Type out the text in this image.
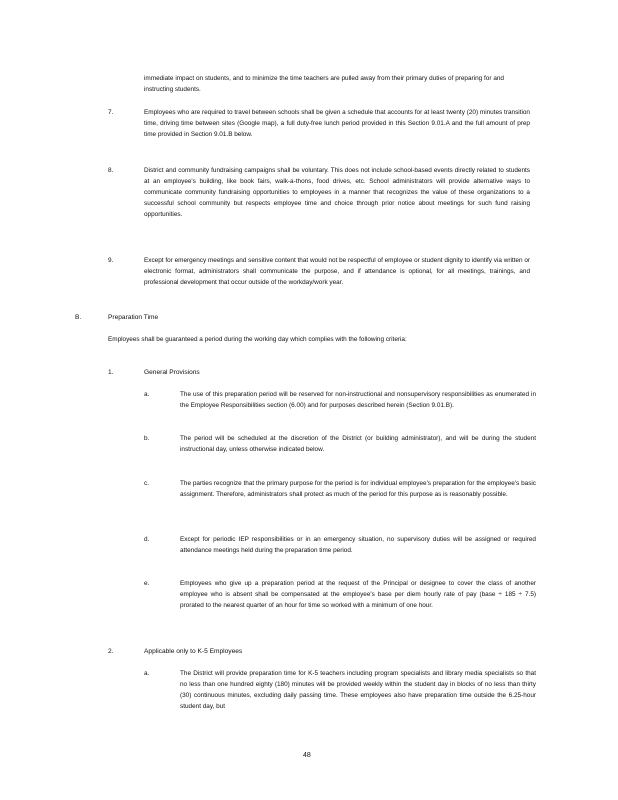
immediate impact on students, and to minimize the time teachers are pulled away from their primary duties of preparing for and instructing students.
7.	Employees who are required to travel between schools shall be given a schedule that accounts for at least twenty (20) minutes transition time, driving time between sites (Google map), a full duty-free lunch period provided in this Section 9.01.A and the full amount of prep time provided in Section 9.01.B below.
8.	District and community fundraising campaigns shall be voluntary. This does not include school-based events directly related to students at an employee's building, like book fairs, walk-a-thons, food drives, etc. School administrators will provide alternative ways to communicate community fundraising opportunities to employees in a manner that recognizes the value of these organizations to a successful school community but respects employee time and choice through prior notice about meetings for such fund raising opportunities.
9.	Except for emergency meetings and sensitive content that would not be respectful of employee or student dignity to identify via written or electronic format, administrators shall communicate the purpose, and if attendance is optional, for all meetings, trainings, and professional development that occur outside of the workday/work year.
B.	Preparation Time
Employees shall be guaranteed a period during the working day which complies with the following criteria:
1.	General Provisions
a.	The use of this preparation period will be reserved for non-instructional and nonsupervisory responsibilities as enumerated in the Employee Responsibilities section (6.00) and for purposes described herein (Section 9.01.B).
b.	The period will be scheduled at the discretion of the District (or building administrator), and will be during the student instructional day, unless otherwise indicated below.
c.	The parties recognize that the primary purpose for the period is for individual employee's preparation for the employee's basic assignment. Therefore, administrators shall protect as much of the period for this purpose as is reasonably possible.
d.	Except for periodic IEP responsibilities or in an emergency situation, no supervisory duties will be assigned or required attendance meetings held during the preparation time period.
e.	Employees who give up a preparation period at the request of the Principal or designee to cover the class of another employee who is absent shall be compensated at the employee's base per diem hourly rate of pay (base ÷ 185 ÷ 7.5) prorated to the nearest quarter of an hour for time so worked with a minimum of one hour.
2.	Applicable only to K-5 Employees
a.	The District will provide preparation time for K-5 teachers including program specialists and library media specialists so that no less than one hundred eighty (180) minutes will be provided weekly within the student day in blocks of no less than thirty (30) continuous minutes, excluding daily passing time. These employees also have preparation time outside the 6.25-hour student day, but
48
